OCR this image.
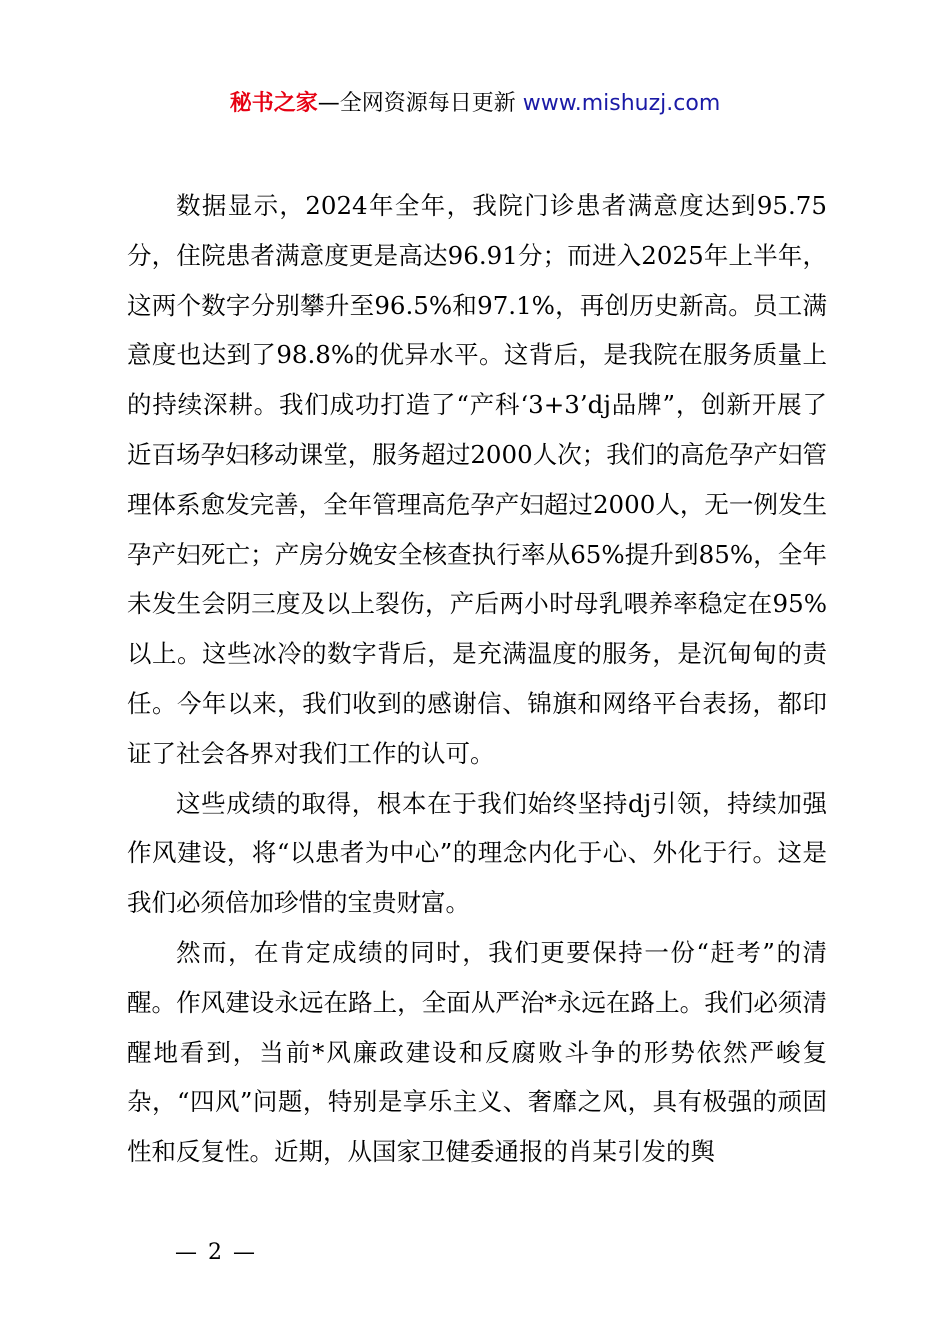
秘书之家—全网资源每日更新 www.mishuzj.com

数据显示，2024年全年，我院门诊患者满意度达到95.75分，住院患者满意度更是高达96.91分；而进入2025年上半年，这两个数字分别攀升至96.5%和97.1%，再创历史新高。员工满意度也达到了98.8%的优异水平。这背后，是我院在服务质量上的持续深耕。我们成功打造了“产科‘3+3’dj品牌”，创新开展了近百场孕妇移动课堂，服务超过2000人次；我们的高危孕产妇管理体系愈发完善，全年管理高危孕产妇超过2000人，无一例发生孕产妇死亡；产房分娩安全核查执行率从65%提升到85%，全年未发生会阴三度及以上裂伤，产后两小时母乳喂养率稳定在95%以上。这些冰冷的数字背后，是充满温度的服务，是沉甸甸的责任。今年以来，我们收到的感谢信、锦旗和网络平台表扬，都印证了社会各界对我们工作的认可。

这些成绩的取得，根本在于我们始终坚持dj引领，持续加强作风建设，将“以患者为中心”的理念内化于心、外化于行。这是我们必须倍加珍惜的宝贵财富。

然而，在肯定成绩的同时，我们更要保持一份“赶考”的清醒。作风建设永远在路上，全面从严治*永远在路上。我们必须清醒地看到，当前*风廉政建设和反腐败斗争的形势依然严峻复杂，“四风”问题，特别是享乐主义、奢靡之风，具有极强的顽固性和反复性。近期，从国家卫健委通报的肖某引发的舆

— 2 —
